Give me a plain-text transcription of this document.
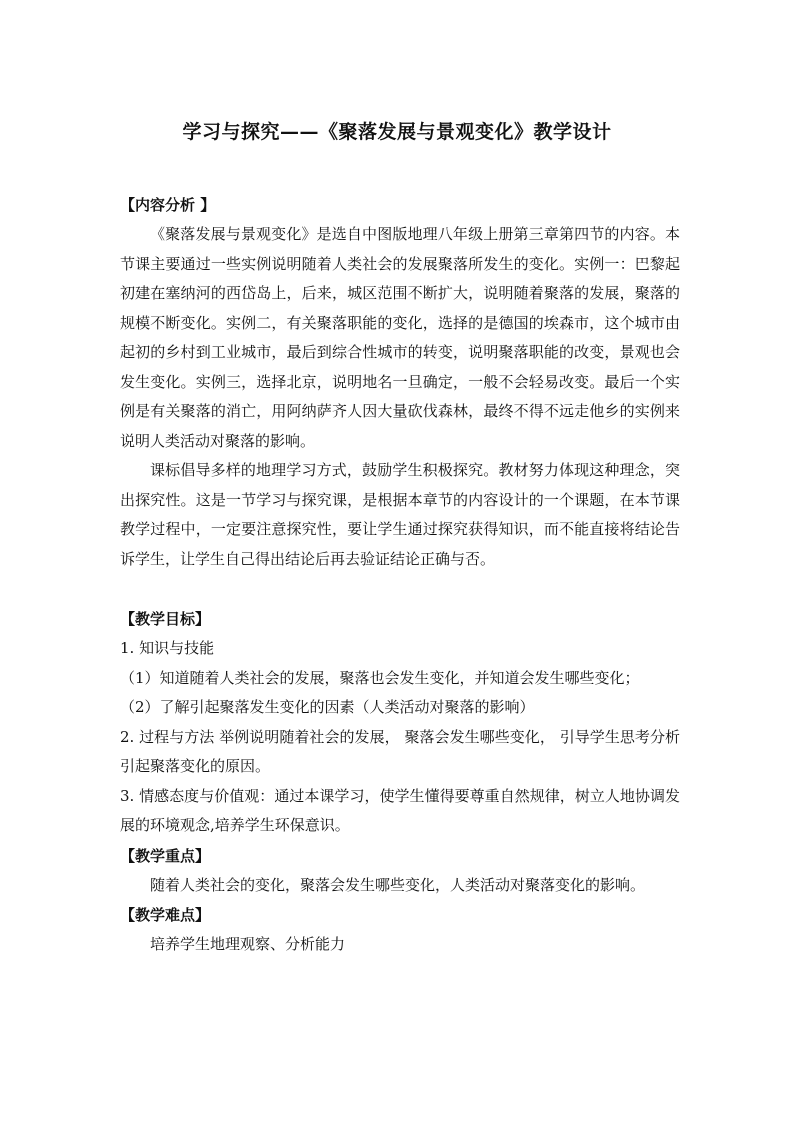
学习与探究——《聚落发展与景观变化》教学设计

【内容分析 】

《聚落发展与景观变化》是选自中图版地理八年级上册第三章第四节的内容。本节课主要通过一些实例说明随着人类社会的发展聚落所发生的变化。实例一：巴黎起初建在塞纳河的西岱岛上，后来，城区范围不断扩大，说明随着聚落的发展，聚落的规模不断变化。实例二，有关聚落职能的变化，选择的是德国的埃森市，这个城市由起初的乡村到工业城市，最后到综合性城市的转变，说明聚落职能的改变，景观也会发生变化。实例三，选择北京，说明地名一旦确定，一般不会轻易改变。最后一个实例是有关聚落的消亡，用阿纳萨齐人因大量砍伐森林，最终不得不远走他乡的实例来说明人类活动对聚落的影响。

课标倡导多样的地理学习方式，鼓励学生积极探究。教材努力体现这种理念，突出探究性。这是一节学习与探究课，是根据本章节的内容设计的一个课题，在本节课教学过程中，一定要注意探究性，要让学生通过探究获得知识，而不能直接将结论告诉学生，让学生自己得出结论后再去验证结论正确与否。

【教学目标】

1. 知识与技能

（1）知道随着人类社会的发展，聚落也会发生变化，并知道会发生哪些变化；

（2）了解引起聚落发生变化的因素（人类活动对聚落的影响）

2. 过程与方法 举例说明随着社会的发展， 聚落会发生哪些变化， 引导学生思考分析引起聚落变化的原因。

3. 情感态度与价值观：通过本课学习，使学生懂得要尊重自然规律，树立人地协调发展的环境观念,培养学生环保意识。

【教学重点】

随着人类社会的变化，聚落会发生哪些变化，人类活动对聚落变化的影响。

【教学难点】

培养学生地理观察、分析能力
